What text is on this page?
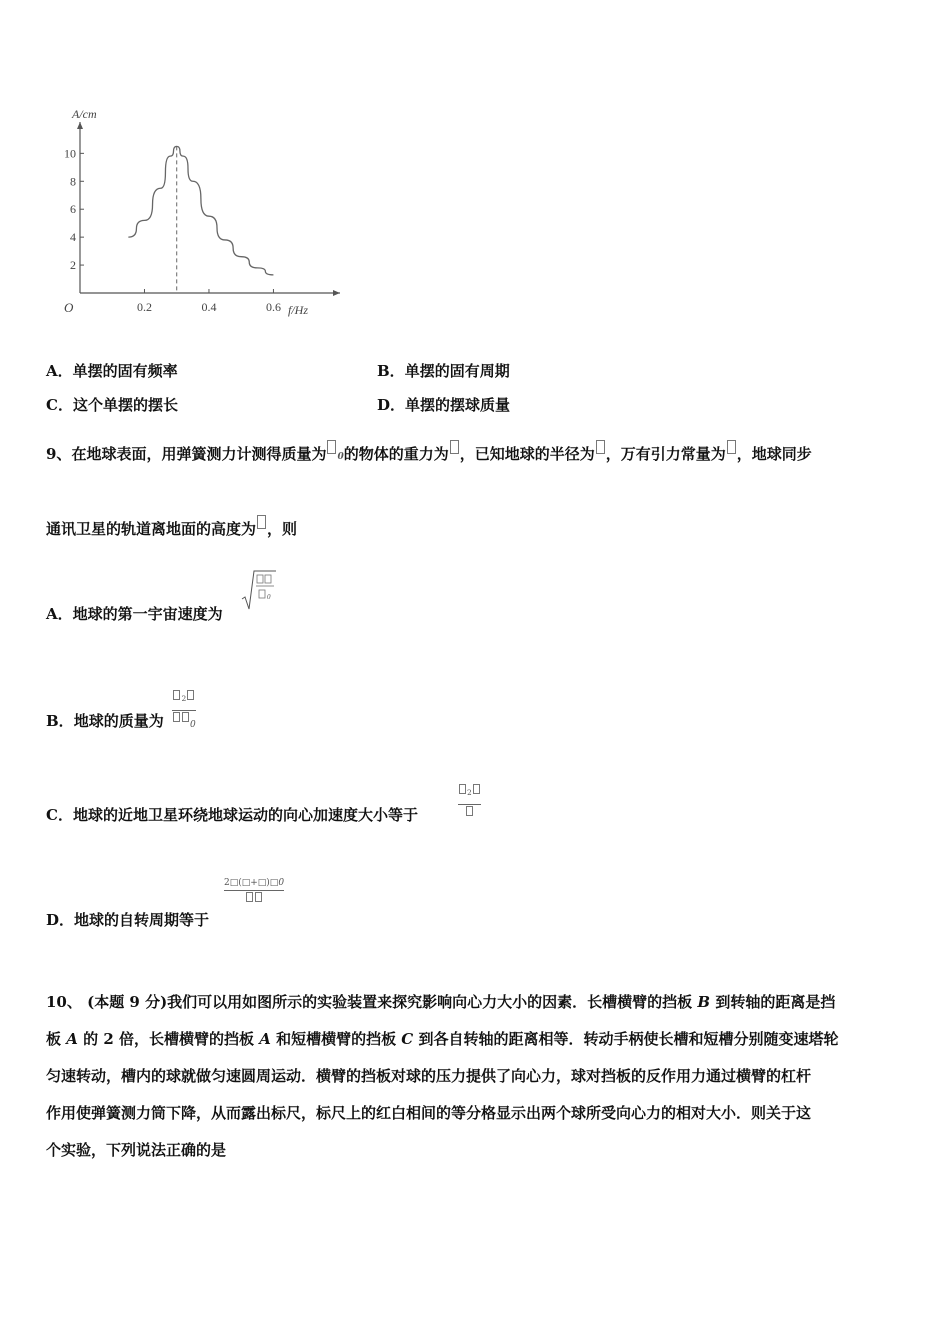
10
8
6
4
2
0.2	0.4	0.6
A/cm
f/Hz
O
A．单摆的固有频率	B．单摆的固有周期
C．这个单摆的摆长	D．单摆的摆球质量
9、在地球表面，用弹簧测力计测得质量为 0的物体的重力为 ，已知地球的半径为 ，万有引力常量为 ，地球同步
通讯卫星的轨道离地面的高度为 ，则
A．地球的第一宇宙速度为
0
B．地球的质量为
$^2$
0
C．地球的近地卫星环绕地球运动的向心加速度大小等于
$^2$
D．地球的自转周期等于
2□(□+□)□0
10、 (本题 9 分)我们可以用如图所示的实验装置来探究影响向心力大小的因素．长槽横臂的挡板 B 到转轴的距离是挡
板 A 的 2 倍，长槽横臂的挡板 A 和短槽横臂的挡板 C 到各自转轴的距离相等．转动手柄使长槽和短槽分别随变速塔轮
匀速转动，槽内的球就做匀速圆周运动．横臂的挡板对球的压力提供了向心力，球对挡板的反作用力通过横臂的杠杆
作用使弹簧测力筒下降，从而露出标尺，标尺上的红白相间的等分格显示出两个球所受向心力的相对大小．则关于这
个实验，下列说法正确的是
